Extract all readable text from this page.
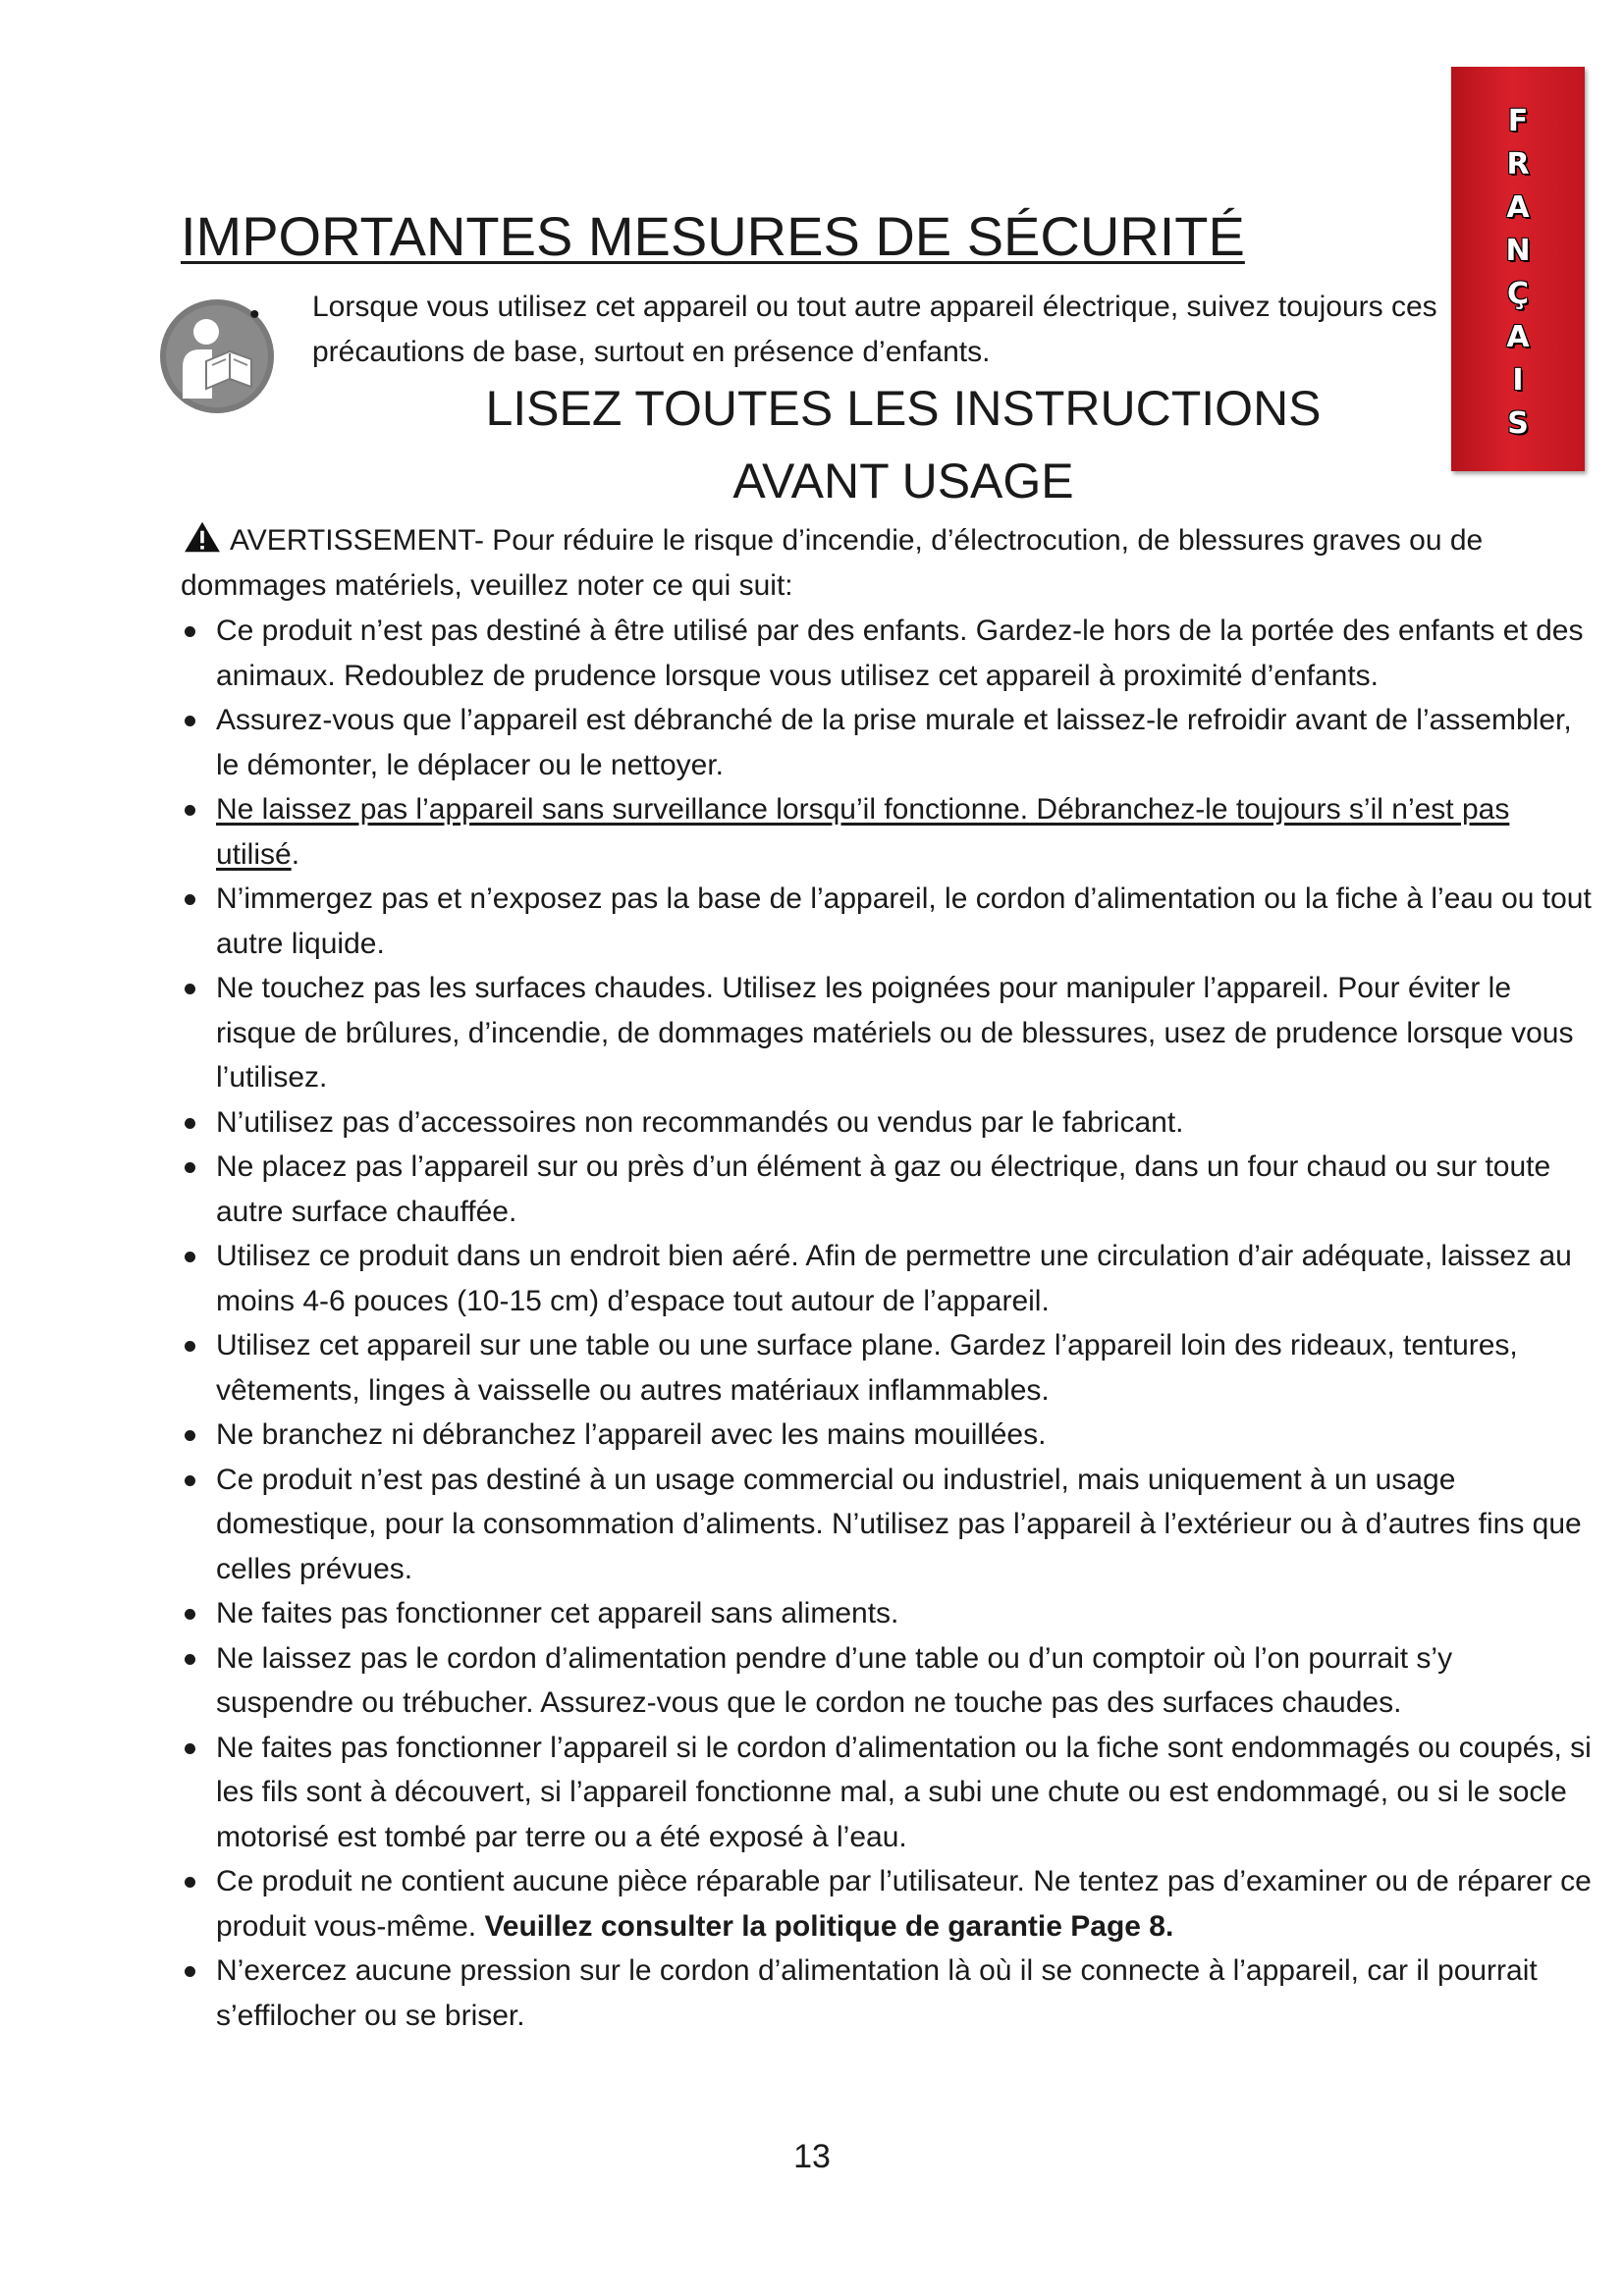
F
R
A
N
Ç
A
I
S
IMPORTANTES MESURES DE SÉCURITÉ
• Lorsque vous utilisez cet appareil ou tout autre appareil électrique, suivez toujours ces précautions de base, surtout en présence d’enfants.

LISEZ TOUTES LES INSTRUCTIONS
AVANT USAGE

AVERTISSEMENT- Pour réduire le risque d’incendie, d’électrocution, de blessures graves ou de dommages matériels, veuillez noter ce qui suit:

Ce produit n’est pas destiné à être utilisé par des enfants. Gardez-le hors de la portée des enfants et des animaux. Redoublez de prudence lorsque vous utilisez cet appareil à proximité d’enfants.
Assurez-vous que l’appareil est débranché de la prise murale et laissez-le refroidir avant de l’assembler, le démonter, le déplacer ou le nettoyer.
Ne laissez pas l’appareil sans surveillance lorsqu’il fonctionne. Débranchez-le toujours s’il n’est pas utilisé.
N’immergez pas et n’exposez pas la base de l’appareil, le cordon d’alimentation ou la fiche à l’eau ou tout autre liquide.
Ne touchez pas les surfaces chaudes. Utilisez les poignées pour manipuler l’appareil. Pour éviter le risque de brûlures, d’incendie, de dommages matériels ou de blessures, usez de prudence lorsque vous l’utilisez.
N’utilisez pas d’accessoires non recommandés ou vendus par le fabricant.
Ne placez pas l’appareil sur ou près d’un élément à gaz ou électrique, dans un four chaud ou sur toute autre surface chauffée.
Utilisez ce produit dans un endroit bien aéré. Afin de permettre une circulation d’air adéquate, laissez au moins 4-6 pouces (10-15 cm) d’espace tout autour de l’appareil.
Utilisez cet appareil sur une table ou une surface plane. Gardez l’appareil loin des rideaux, tentures, vêtements, linges à vaisselle ou autres matériaux inflammables.
Ne branchez ni débranchez l’appareil avec les mains mouillées.
Ce produit n’est pas destiné à un usage commercial ou industriel, mais uniquement à un usage domestique, pour la consommation d’aliments. N’utilisez pas l’appareil à l’extérieur ou à d’autres fins que celles prévues.
Ne faites pas fonctionner cet appareil sans aliments.
Ne laissez pas le cordon d’alimentation pendre d’une table ou d’un comptoir où l’on pourrait s’y suspendre ou trébucher. Assurez-vous que le cordon ne touche pas des surfaces chaudes.
Ne faites pas fonctionner l’appareil si le cordon d’alimentation ou la fiche sont endommagés ou coupés, si les fils sont à découvert, si l’appareil fonctionne mal, a subi une chute ou est endommagé, ou si le socle motorisé est tombé par terre ou a été exposé à l’eau.
Ce produit ne contient aucune pièce réparable par l’utilisateur. Ne tentez pas d’examiner ou de réparer ce produit vous-même. Veuillez consulter la politique de garantie Page 8.
N’exercez aucune pression sur le cordon d’alimentation là où il se connecte à l’appareil, car il pourrait s’effilocher ou se briser.
13
